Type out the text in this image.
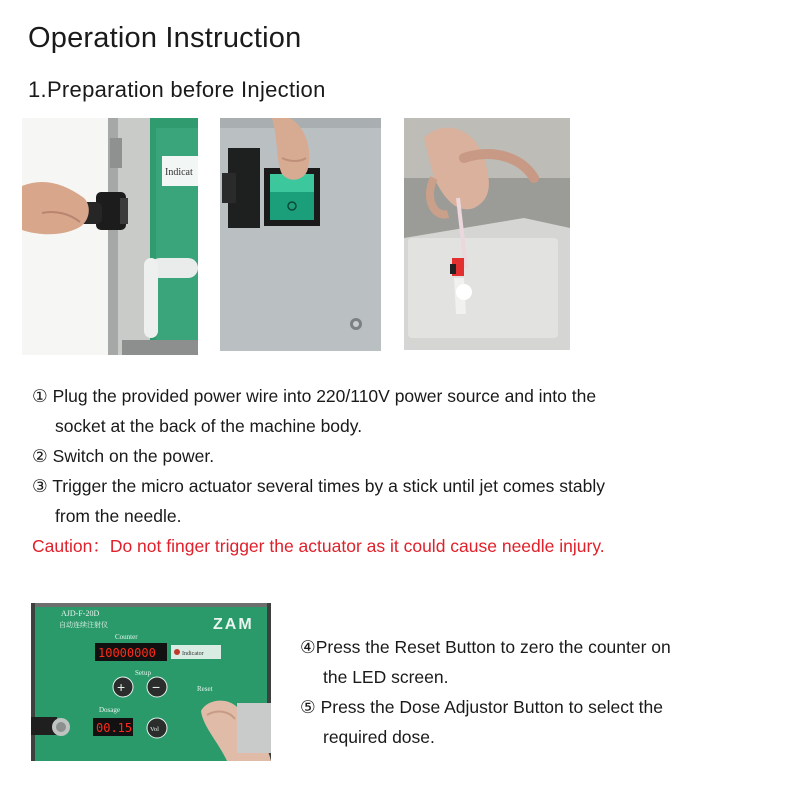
Operation Instruction
1.Preparation before Injection
Indicat

① Plug the provided power wire into 220/110V power source and into the
socket at the back of the machine body.

② Switch on the power.

③ Trigger the micro actuator several times by a stick until jet comes stably
from the needle.

Caution：Do not finger trigger the actuator as it could cause needle injury.

AJD-F-20D
自动连续注射仪	ZAM
Counter
10000000	Indicator
Setup
+ −	Reset
Dosage
00.15	Vol

④Press the Reset Button to zero the counter on
the LED screen.

⑤ Press the Dose Adjustor Button to select the
required dose.
